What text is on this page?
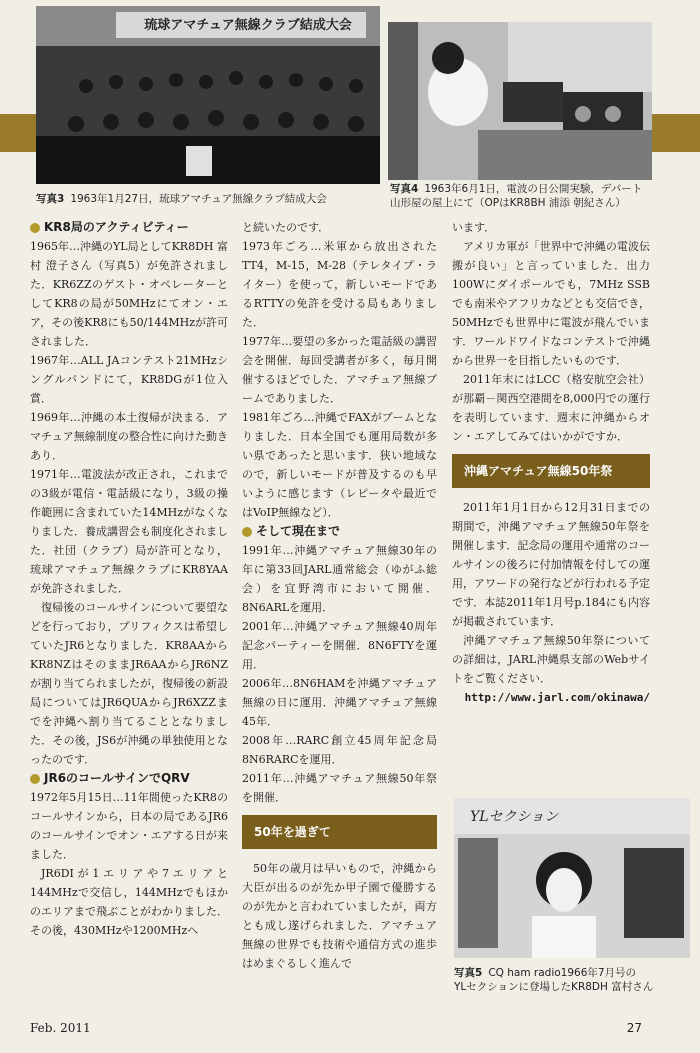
琉球アマチュア無線クラブ結成大会
写真3 1963年1月27日，琉球アマチュア無線クラブ結成大会
写真4 1963年6月1日，電波の日公開実験，デパート
山形屋の屋上にて（OPはKR8BH 浦添 朝紀さん）
KR8局のアクティビティー

1965年…沖縄のYL局としてKR8DH 富村 澄子さん（写真5）が免許されました．KR6ZZのゲスト・オペレーターとしてKR8の局が50MHzにてオン・エア，その後KR8にも50/144MHzが許可されました．

1967年…ALL JAコンテスト21MHzシングルバンドにて，KR8DGが1位入賞．

1969年…沖縄の本土復帰が決まる．アマチュア無線制度の整合性に向けた動きあり．

1971年…電波法が改正され，これまでの3級が電信・電話級になり，3級の操作範囲に含まれていた14MHzがなくなりました．養成講習会も制度化されました．社団（クラブ）局が許可となり，琉球アマチュア無線クラブにKR8YAAが免許されました．

復帰後のコールサインについて要望などを行っており，プリフィクスは希望していたJR6となりました．KR8AAからKR8NZはそのままJR6AAからJR6NZが割り当てられましたが，復帰後の新設局についてはJR6QUAからJR6XZZまでを沖縄へ割り当てることとなりました．その後，JS6が沖縄の単独使用となったのです．

JR6のコールサインでQRV

1972年5月15日…11年間使ったKR8のコールサインから，日本の局であるJR6のコールサインでオン・エアする日が来ました．

JR6DIが1エリアや7エリアと144MHzで交信し，144MHzでもほかのエリアまで飛ぶことがわかりました．その後，430MHzや1200MHzへ

と続いたのです．

1973年ごろ…米軍から放出されたTT4，M-15，M-28（テレタイプ・ライター）を使って，新しいモードであるRTTYの免許を受ける局もありました．

1977年…要望の多かった電話級の講習会を開催．毎回受講者が多く，毎月開催するほどでした．アマチュア無線ブームでありました．

1981年ごろ…沖縄でFAXがブームとなりました．日本全国でも運用局数が多い県であったと思います．狭い地域なので，新しいモードが普及するのも早いように感じます（レピータや最近ではVoIP無線など）．

そして現在まで

1991年…沖縄アマチュア無線30年の年に第33回JARL通常総会（ゆがふ総会）を宜野湾市において開催．8N6ARLを運用．

2001年…沖縄アマチュア無線40周年記念パーティーを開催．8N6FTYを運用．

2006年…8N6HAMを沖縄アマチュア無線の日に運用．沖縄アマチュア無線45年．

2008年…RARC創立45周年記念局8N6RARCを運用．

2011年…沖縄アマチュア無線50年祭を開催．

50年を過ぎて

50年の歳月は早いもので，沖縄から大臣が出るのが先か甲子園で優勝するのが先かと言われていましたが，両方とも成し遂げられました．アマチュア無線の世界でも技術や通信方式の進歩はめまぐるしく進んで

います．

アメリカ軍が「世界中で沖縄の電波伝搬が良い」と言っていました．出力100Wにダイポールでも，7MHz SSBでも南米やアフリカなどとも交信でき，50MHzでも世界中に電波が飛んでいます．ワールドワイドなコンテストで沖縄から世界一を目指したいものです．

2011年末にはLCC（格安航空会社）が那覇－関西空港間を8,000円での運行を表明しています．週末に沖縄からオン・エアしてみてはいかがですか．

沖縄アマチュア無線50年祭

2011年1月1日から12月31日までの期間で，沖縄アマチュア無線50年祭を開催します．記念局の運用や通常のコールサインの後ろに付加情報を付しての運用，アワードの発行などが行われる予定です．本誌2011年1月号p.184にも内容が掲載されています．

沖縄アマチュア無線50年祭についての詳細は，JARL沖縄県支部のWebサイトをご覧ください．

http://www.jarl.com/okinawa/

YLセクション
写真5 CQ ham radio1966年7月号の
YLセクションに登場したKR8DH 富村さん
Feb. 2011	27
